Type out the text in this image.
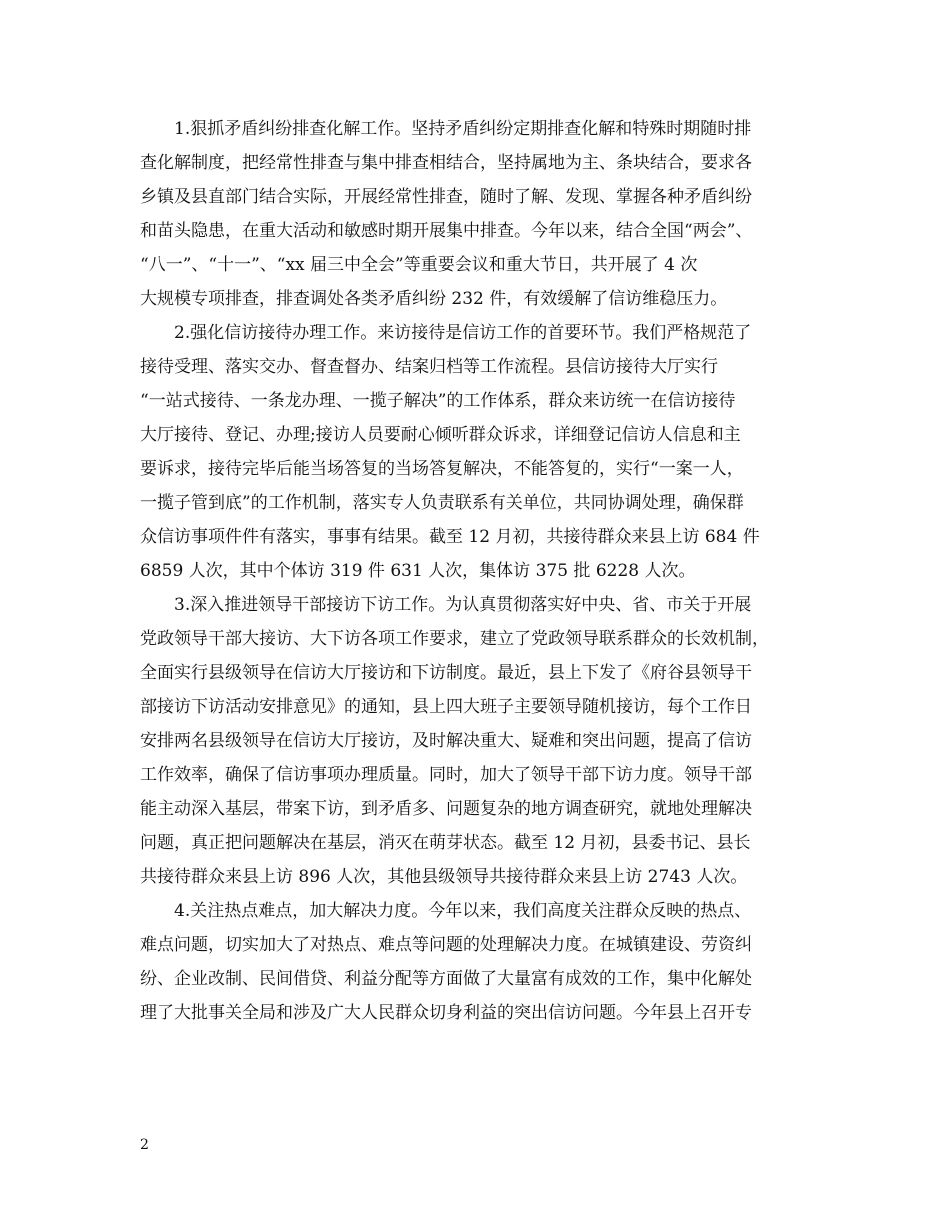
1.狠抓矛盾纠纷排查化解工作。坚持矛盾纠纷定期排查化解和特殊时期随时排
查化解制度，把经常性排查与集中排查相结合，坚持属地为主、条块结合，要求各
乡镇及县直部门结合实际，开展经常性排查，随时了解、发现、掌握各种矛盾纠纷
和苗头隐患，在重大活动和敏感时期开展集中排查。今年以来，结合全国“两会”、
“八一”、“十一”、“xx 届三中全会”等重要会议和重大节日，共开展了 4 次
大规模专项排查，排查调处各类矛盾纠纷 232 件，有效缓解了信访维稳压力。
2.强化信访接待办理工作。来访接待是信访工作的首要环节。我们严格规范了
接待受理、落实交办、督查督办、结案归档等工作流程。县信访接待大厅实行
“一站式接待、一条龙办理、一揽子解决”的工作体系，群众来访统一在信访接待
大厅接待、登记、办理;接访人员要耐心倾听群众诉求，详细登记信访人信息和主
要诉求，接待完毕后能当场答复的当场答复解决，不能答复的，实行“一案一人，
一揽子管到底”的工作机制，落实专人负责联系有关单位，共同协调处理，确保群
众信访事项件件有落实，事事有结果。截至 12 月初，共接待群众来县上访 684 件
6859 人次，其中个体访 319 件 631 人次，集体访 375 批 6228 人次。
3.深入推进领导干部接访下访工作。为认真贯彻落实好中央、省、市关于开展
党政领导干部大接访、大下访各项工作要求，建立了党政领导联系群众的长效机制，
全面实行县级领导在信访大厅接访和下访制度。最近，县上下发了《府谷县领导干
部接访下访活动安排意见》的通知，县上四大班子主要领导随机接访，每个工作日
安排两名县级领导在信访大厅接访，及时解决重大、疑难和突出问题，提高了信访
工作效率，确保了信访事项办理质量。同时，加大了领导干部下访力度。领导干部
能主动深入基层，带案下访，到矛盾多、问题复杂的地方调查研究，就地处理解决
问题，真正把问题解决在基层，消灭在萌芽状态。截至 12 月初，县委书记、县长
共接待群众来县上访 896 人次，其他县级领导共接待群众来县上访 2743 人次。
4.关注热点难点，加大解决力度。今年以来，我们高度关注群众反映的热点、
难点问题，切实加大了对热点、难点等问题的处理解决力度。在城镇建设、劳资纠
纷、企业改制、民间借贷、利益分配等方面做了大量富有成效的工作，集中化解处
理了大批事关全局和涉及广大人民群众切身利益的突出信访问题。今年县上召开专
2
